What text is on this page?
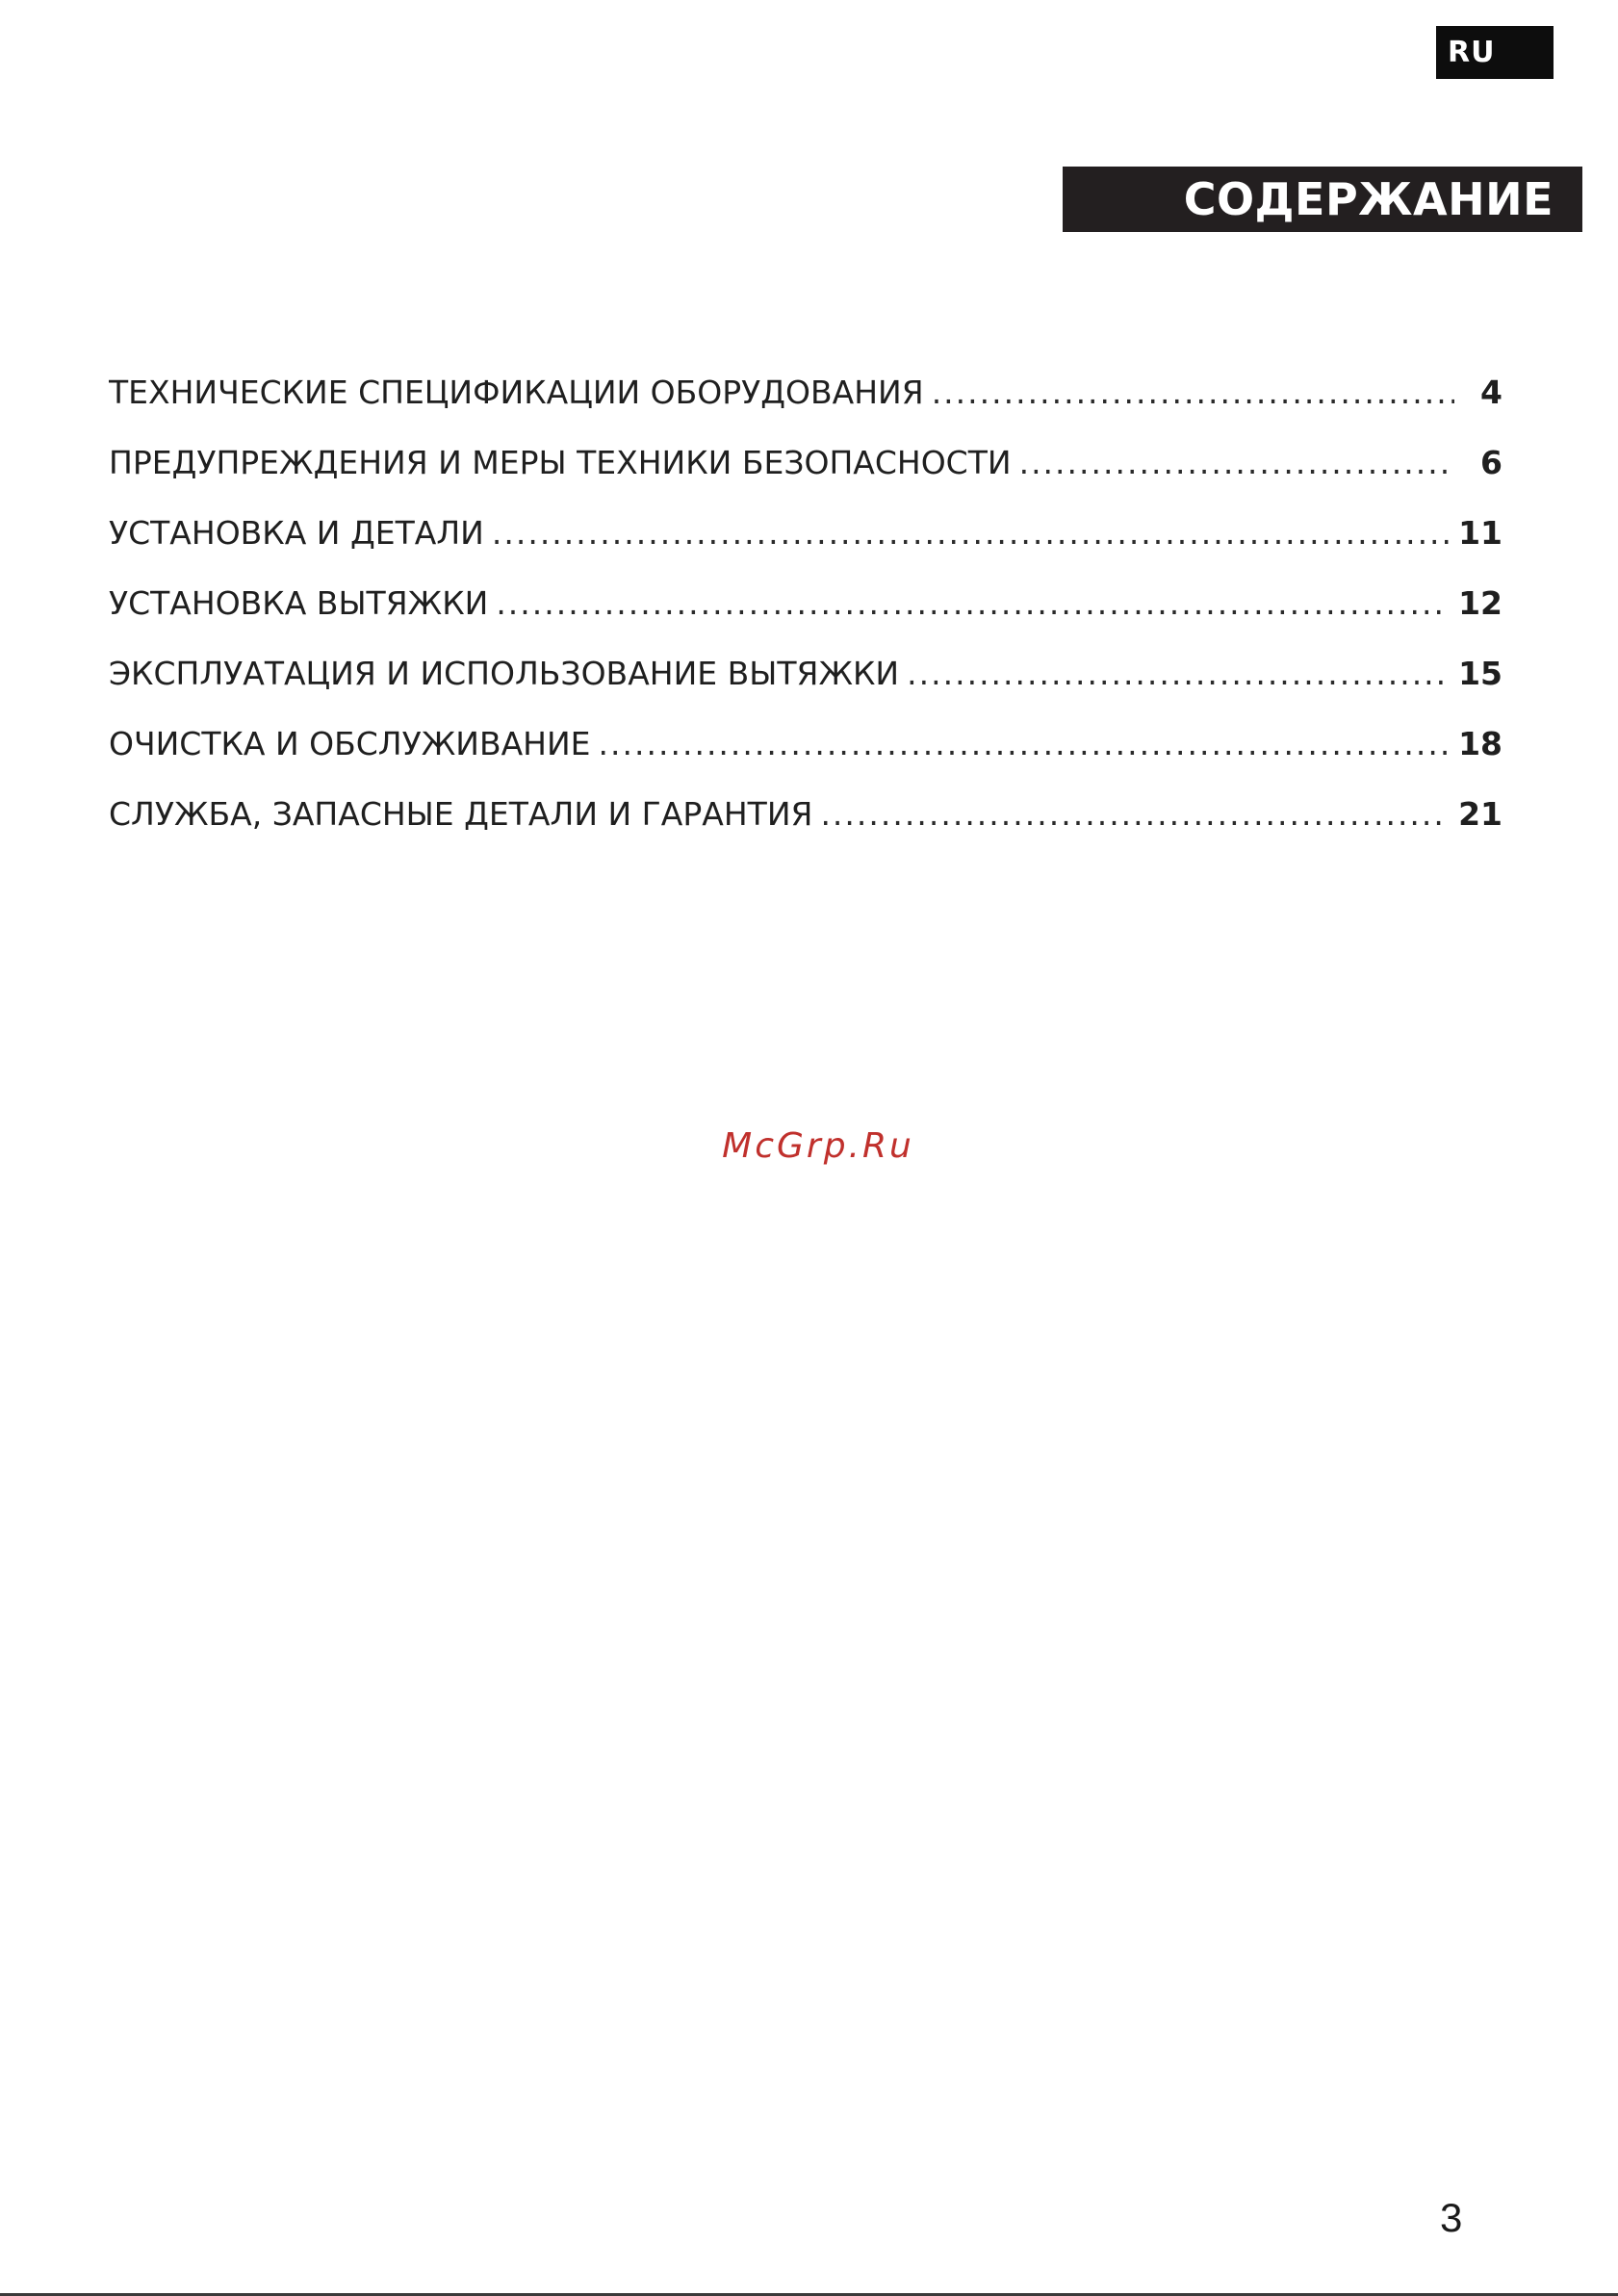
RU
СОДЕРЖАНИЕ
ТЕХНИЧЕСКИЕ СПЕЦИФИКАЦИИ ОБОРУДОВАНИЯ .....	4
ПРЕДУПРЕЖДЕНИЯ И МЕРЫ ТЕХНИКИ БЕЗОПАСНОСТИ .....	6
УСТАНОВКА И ДЕТАЛИ .....	11
УСТАНОВКА ВЫТЯЖКИ .....	12
ЭКСПЛУАТАЦИЯ И ИСПОЛЬЗОВАНИЕ ВЫТЯЖКИ .....	15
ОЧИСТКА И ОБСЛУЖИВАНИЕ .....	18
СЛУЖБА, ЗАПАСНЫЕ ДЕТАЛИ И ГАРАНТИЯ .....	21
McGrp.Ru
3
